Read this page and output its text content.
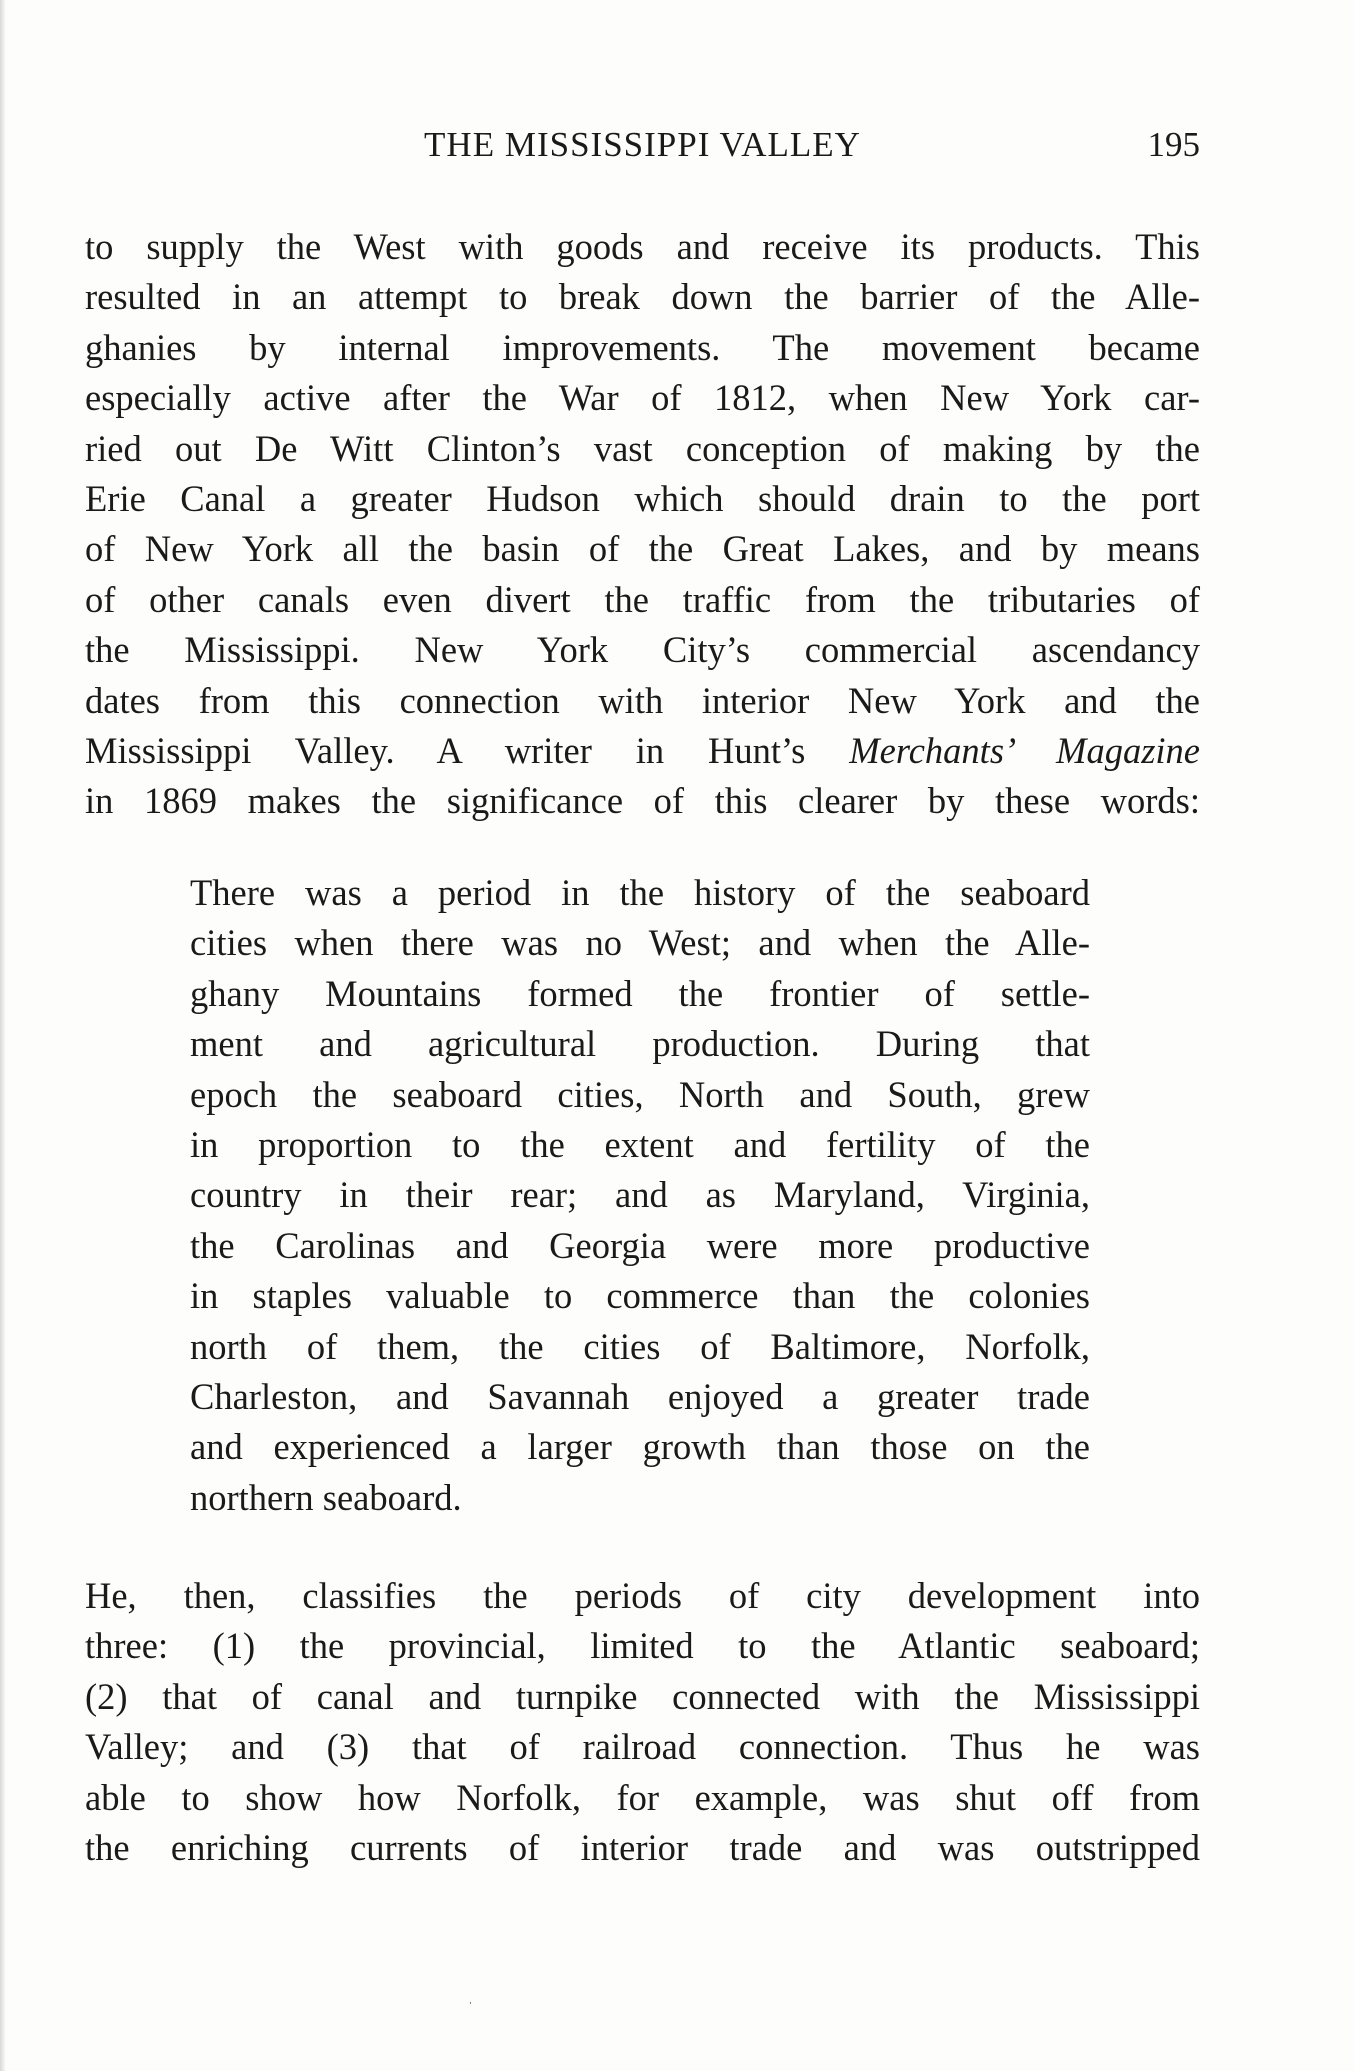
THE MISSISSIPPI VALLEY	195

to supply the West with goods and receive its products. This
resulted in an attempt to break down the barrier of the Alle-
ghanies by internal improvements. The movement became
especially active after the War of 1812, when New York car-
ried out De Witt Clinton’s vast conception of making by the
Erie Canal a greater Hudson which should drain to the port
of New York all the basin of the Great Lakes, and by means
of other canals even divert the traffic from the tributaries of
the Mississippi. New York City’s commercial ascendancy
dates from this connection with interior New York and the
Mississippi Valley. A writer in Hunt’s Merchants’ Magazine
in 1869 makes the significance of this clearer by these words:

There was a period in the history of the seaboard
cities when there was no West; and when the Alle-
ghany Mountains formed the frontier of settle-
ment and agricultural production. During that
epoch the seaboard cities, North and South, grew
in proportion to the extent and fertility of the
country in their rear; and as Maryland, Virginia,
the Carolinas and Georgia were more productive
in staples valuable to commerce than the colonies
north of them, the cities of Baltimore, Norfolk,
Charleston, and Savannah enjoyed a greater trade
and experienced a larger growth than those on the
northern seaboard.

He, then, classifies the periods of city development into
three: (1) the provincial, limited to the Atlantic seaboard;
(2) that of canal and turnpike connected with the Mississippi
Valley; and (3) that of railroad connection. Thus he was
able to show how Norfolk, for example, was shut off from
the enriching currents of interior trade and was outstripped

ˌ
